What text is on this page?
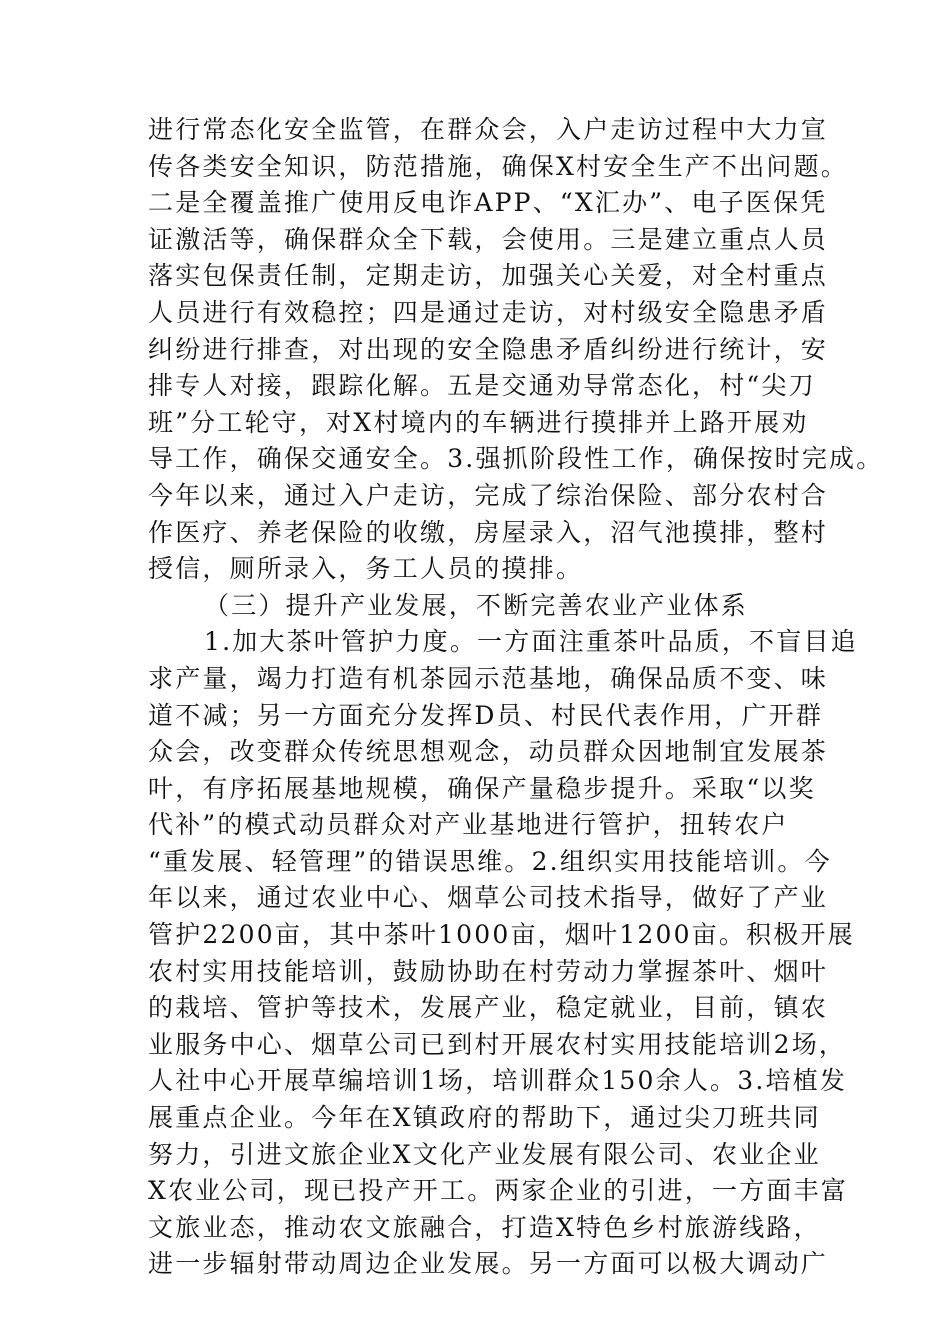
进行常态化安全监管，在群众会，入户走访过程中大力宣
传各类安全知识，防范措施，确保X村安全生产不出问题。
二是全覆盖推广使用反电诈APP、“X汇办”、电子医保凭
证激活等，确保群众全下载，会使用。三是建立重点人员
落实包保责任制，定期走访，加强关心关爱，对全村重点
人员进行有效稳控；四是通过走访，对村级安全隐患矛盾
纠纷进行排查，对出现的安全隐患矛盾纠纷进行统计，安
排专人对接，跟踪化解。五是交通劝导常态化，村“尖刀
班”分工轮守，对X村境内的车辆进行摸排并上路开展劝
导工作，确保交通安全。3.强抓阶段性工作，确保按时完成。
今年以来，通过入户走访，完成了综治保险、部分农村合
作医疗、养老保险的收缴，房屋录入，沼气池摸排，整村
授信，厕所录入，务工人员的摸排。
（三）提升产业发展，不断完善农业产业体系
1.加大茶叶管护力度。一方面注重茶叶品质，不盲目追
求产量，竭力打造有机茶园示范基地，确保品质不变、味
道不减；另一方面充分发挥D员、村民代表作用，广开群
众会，改变群众传统思想观念，动员群众因地制宜发展茶
叶，有序拓展基地规模，确保产量稳步提升。采取“以奖
代补”的模式动员群众对产业基地进行管护，扭转农户
“重发展、轻管理”的错误思维。2.组织实用技能培训。今
年以来，通过农业中心、烟草公司技术指导，做好了产业
管护2200亩，其中茶叶1000亩，烟叶1200亩。积极开展
农村实用技能培训，鼓励协助在村劳动力掌握茶叶、烟叶
的栽培、管护等技术，发展产业，稳定就业，目前，镇农
业服务中心、烟草公司已到村开展农村实用技能培训2场，
人社中心开展草编培训1场，培训群众150余人。3.培植发
展重点企业。今年在X镇政府的帮助下，通过尖刀班共同
努力，引进文旅企业X文化产业发展有限公司、农业企业
X农业公司，现已投产开工。两家企业的引进，一方面丰富
文旅业态，推动农文旅融合，打造X特色乡村旅游线路，
进一步辐射带动周边企业发展。另一方面可以极大调动广
